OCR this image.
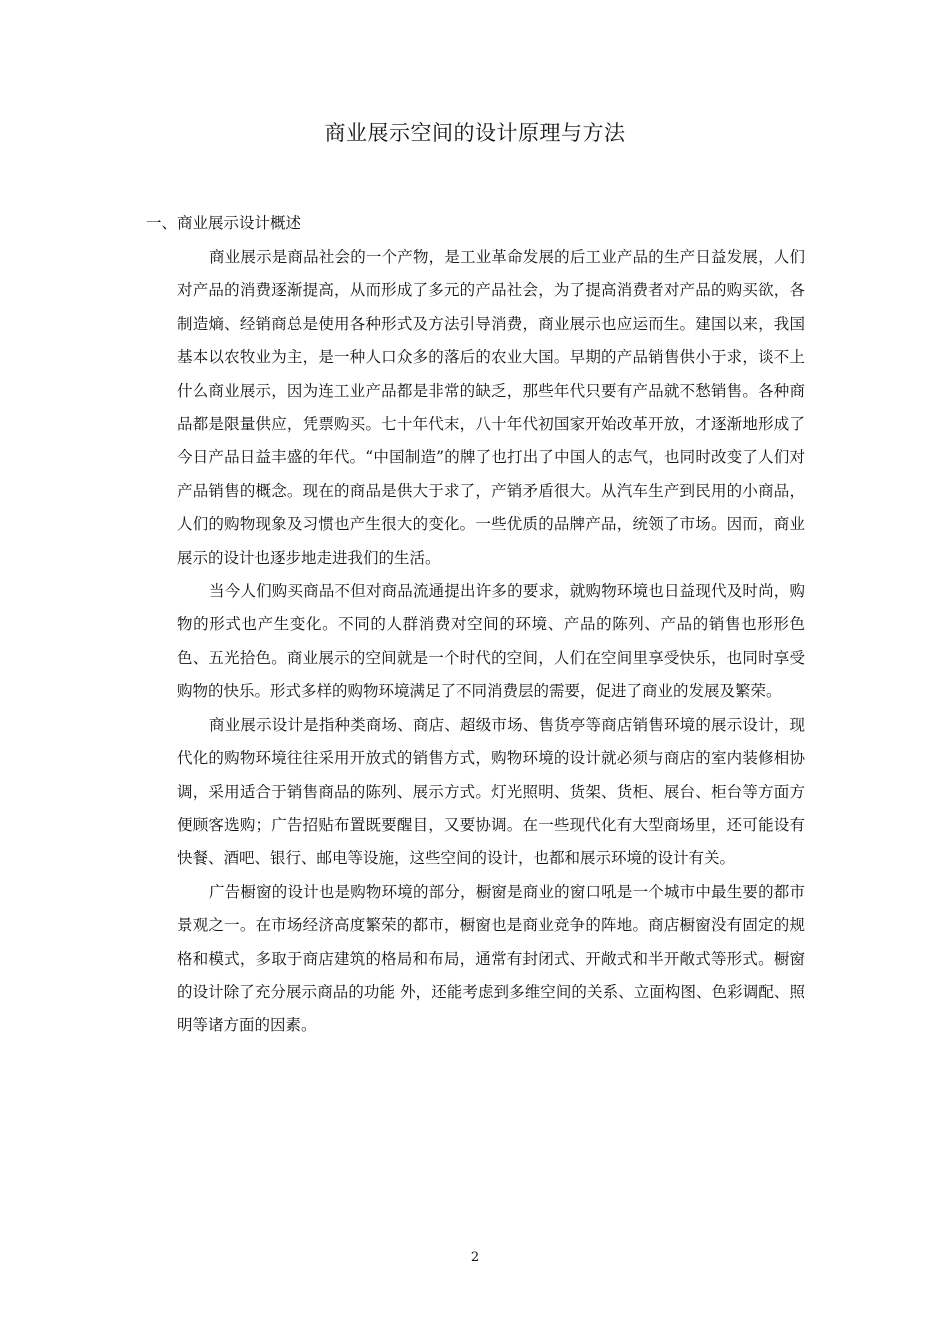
商业展示空间的设计原理与方法
一、商业展示设计概述

商业展示是商品社会的一个产物，是工业革命发展的后工业产品的生产日益发展，人们对产品的消费逐渐提高，从而形成了多元的产品社会，为了提高消费者对产品的购买欲，各制造熵、经销商总是使用各种形式及方法引导消费，商业展示也应运而生。建国以来，我国基本以农牧业为主，是一种人口众多的落后的农业大国。早期的产品销售供小于求，谈不上什么商业展示，因为连工业产品都是非常的缺乏，那些年代只要有产品就不愁销售。各种商品都是限量供应，凭票购买。七十年代末，八十年代初国家开始改革开放，才逐渐地形成了今日产品日益丰盛的年代。“中国制造”的牌了也打出了中国人的志气，也同时改变了人们对产品销售的概念。现在的商品是供大于求了，产销矛盾很大。从汽车生产到民用的小商品，人们的购物现象及习惯也产生很大的变化。一些优质的品牌产品，统领了市场。因而，商业展示的设计也逐步地走进我们的生活。

当今人们购买商品不但对商品流通提出许多的要求，就购物环境也日益现代及时尚，购物的形式也产生变化。不同的人群消费对空间的环境、产品的陈列、产品的销售也形形色色、五光拾色。商业展示的空间就是一个时代的空间，人们在空间里享受快乐，也同时享受购物的快乐。形式多样的购物环境满足了不同消费层的需要，促进了商业的发展及繁荣。

商业展示设计是指种类商场、商店、超级市场、售货亭等商店销售环境的展示设计，现代化的购物环境往往采用开放式的销售方式，购物环境的设计就必须与商店的室内装修相协调，采用适合于销售商品的陈列、展示方式。灯光照明、货架、货柜、展台、柜台等方面方便顾客选购；广告招贴布置既要醒目，又要协调。在一些现代化有大型商场里，还可能设有快餐、酒吧、银行、邮电等设施，这些空间的设计，也都和展示环境的设计有关。

广告橱窗的设计也是购物环境的部分，橱窗是商业的窗口吼是一个城市中最生要的都市景观之一。在市场经济高度繁荣的都市，橱窗也是商业竞争的阵地。商店橱窗没有固定的规格和模式，多取于商店建筑的格局和布局，通常有封闭式、开敞式和半开敞式等形式。橱窗的设计除了充分展示商品的功能 外，还能考虑到多维空间的关系、立面构图、色彩调配、照明等诸方面的因素。

2
